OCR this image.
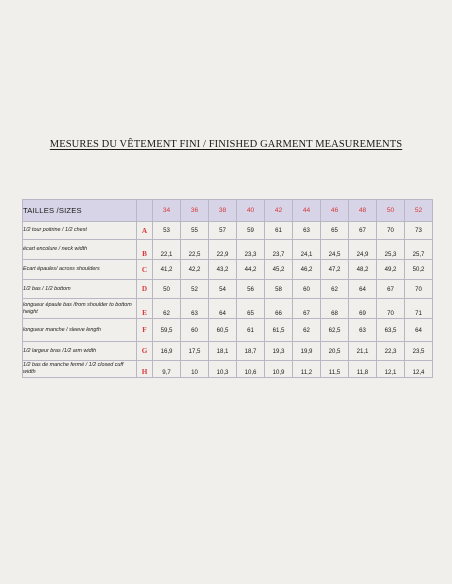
MESURES DU VÊTEMENT FINI / FINISHED GARMENT MEASUREMENTS
TAILLES /SIZES		34	36	38	40	42	44	46	48	50	52
1/2 tour poitrine / 1/2 chest	A	53	55	57	59	61	63	65	67	70	73
écart encolure / neck width	B	22,1	22,5	22,9	23,3	23,7	24,1	24,5	24,9	25,3	25,7
Ecart épaules/ across shoulders	C	41,2	42,2	43,2	44,2	45,2	46,2	47,2	48,2	49,2	50,2
1/2 bas / 1/2 bottom	D	50	52	54	56	58	60	62	64	67	70
longueur épaule bas /from shoulder to bottom height	E	62	63	64	65	66	67	68	69	70	71
longueur manche / sleeve length	F	59,5	60	60,5	61	61,5	62	62,5	63	63,5	64
1/2 largeur bras /1/2 arm width	G	16,9	17,5	18,1	18,7	19,3	19,9	20,5	21,1	22,3	23,5
1/2 bas de manche fermé / 1/2 closed cuff width	H	9,7	10	10,3	10,6	10,9	11,2	11,5	11,8	12,1	12,4
